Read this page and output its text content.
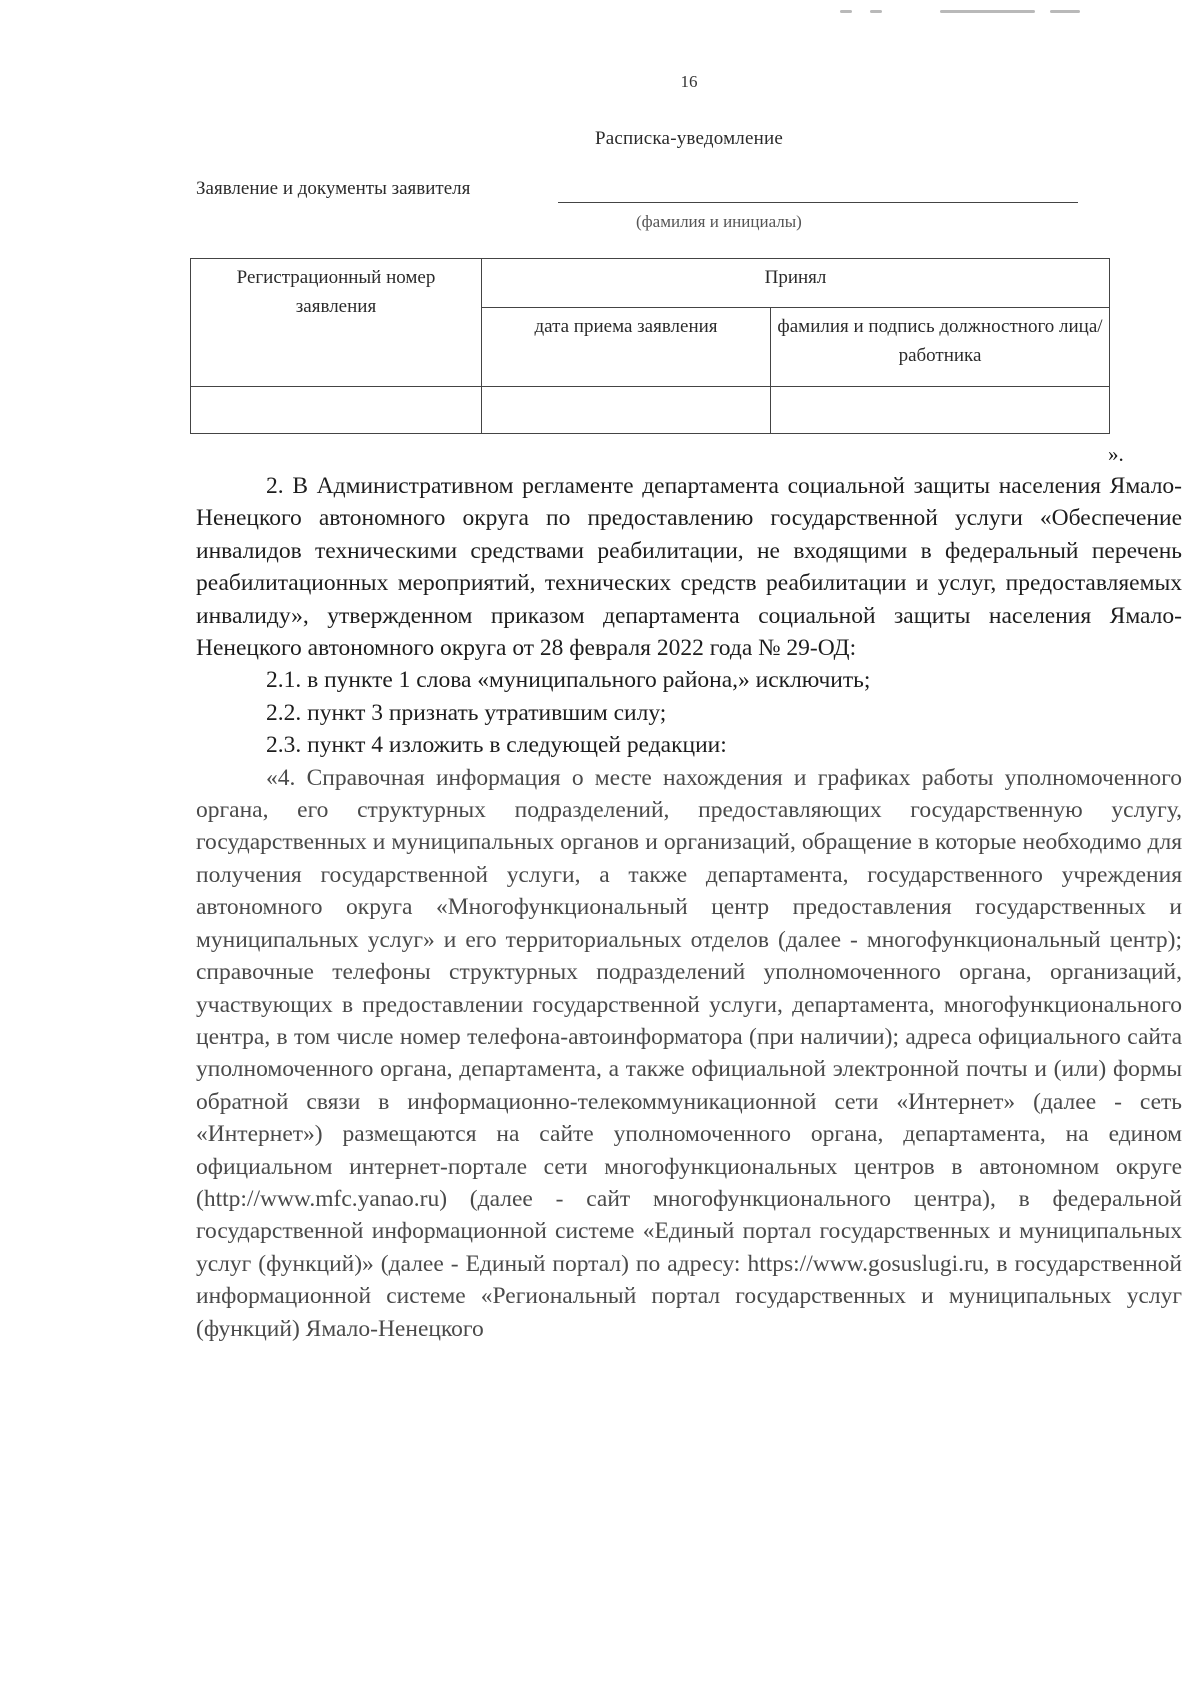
16
Расписка-уведомление
Заявление и документы заявителя
(фамилия и инициалы)
Регистрационный номер заявления	Принял	
	дата приема заявления	фамилия и подпись должностного лица/работника

».

2. В Административном регламенте департамента социальной защиты населения Ямало-Ненецкого автономного округа по предоставлению государственной услуги «Обеспечение инвалидов техническими средствами реабилитации, не входящими в федеральный перечень реабилитационных мероприятий, технических средств реабилитации и услуг, предоставляемых инвалиду», утвержденном приказом департамента социальной защиты населения Ямало-Ненецкого автономного округа от 28 февраля 2022 года № 29-ОД:

2.1. в пункте 1 слова «муниципального района,» исключить;

2.2. пункт 3 признать утратившим силу;

2.3. пункт 4 изложить в следующей редакции:

«4. Справочная информация о месте нахождения и графиках работы уполномоченного органа, его структурных подразделений, предоставляющих государственную услугу, государственных и муниципальных органов и организаций, обращение в которые необходимо для получения государственной услуги, а также департамента, государственного учреждения автономного округа «Многофункциональный центр предоставления государственных и муниципальных услуг» и его территориальных отделов (далее - многофункциональный центр); справочные телефоны структурных подразделений уполномоченного органа, организаций, участвующих в предоставлении государственной услуги, департамента, многофункционального центра, в том числе номер телефона-автоинформатора (при наличии); адреса официального сайта уполномоченного органа, департамента, а также официальной электронной почты и (или) формы обратной связи в информационно-телекоммуникационной сети «Интернет» (далее - сеть «Интернет») размещаются на сайте уполномоченного органа, департамента, на едином официальном интернет-портале сети многофункциональных центров в автономном округе (http://www.mfc.yanao.ru) (далее - сайт многофункционального центра), в федеральной государственной информационной системе «Единый портал государственных и муниципальных услуг (функций)» (далее - Единый портал) по адресу: https://www.gosuslugi.ru, в государственной информационной системе «Региональный портал государственных и муниципальных услуг (функций) Ямало-Ненецкого
